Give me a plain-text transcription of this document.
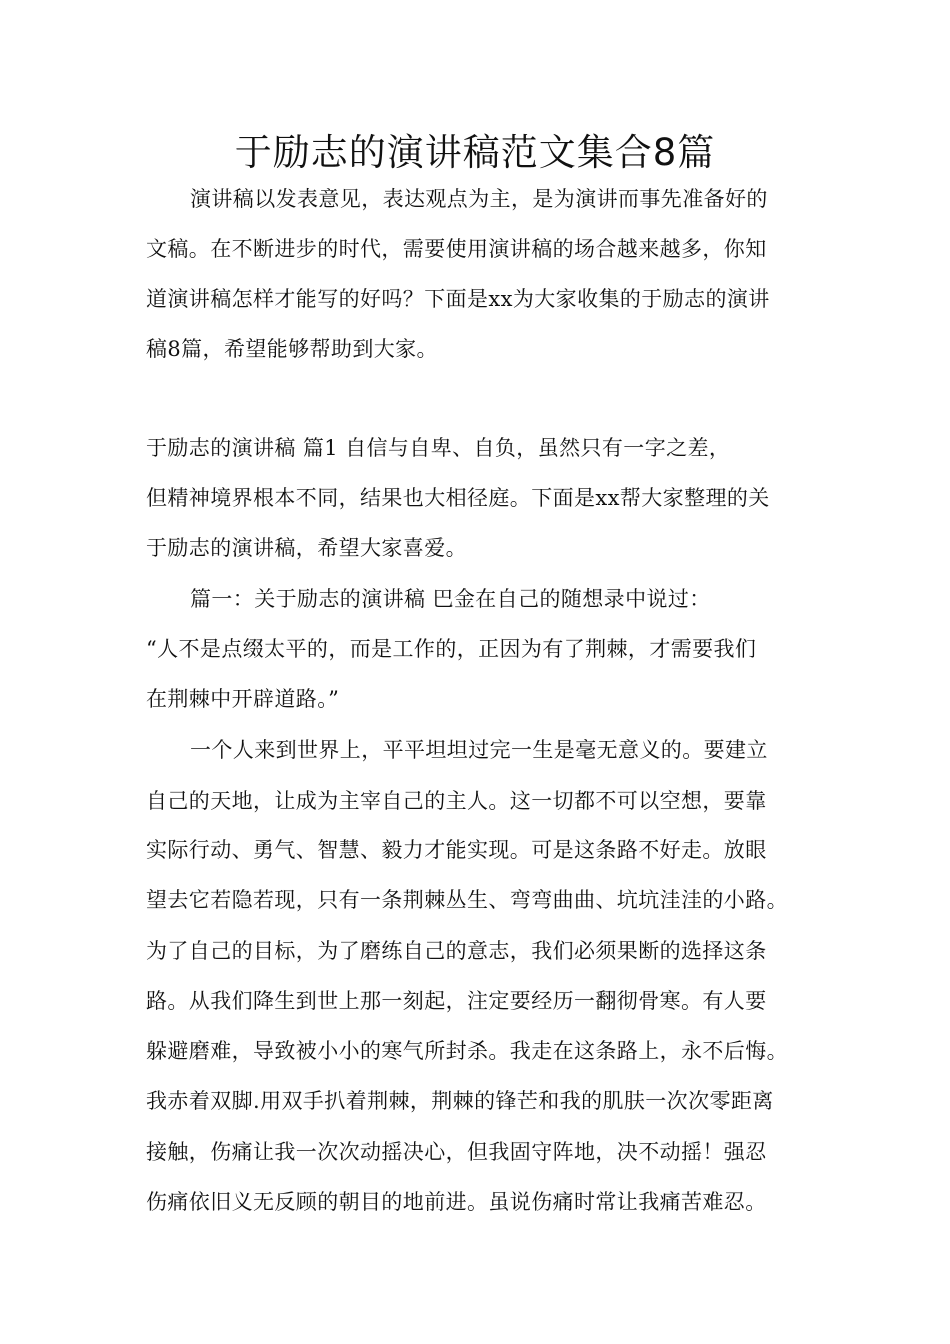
于励志的演讲稿范文集合8篇
演讲稿以发表意见，表达观点为主，是为演讲而事先准备好的
文稿。在不断进步的时代，需要使用演讲稿的场合越来越多，你知
道演讲稿怎样才能写的好吗？下面是xx为大家收集的于励志的演讲
稿8篇，希望能够帮助到大家。
于励志的演讲稿 篇1 自信与自卑、自负，虽然只有一字之差，
但精神境界根本不同，结果也大相径庭。下面是xx帮大家整理的关
于励志的演讲稿，希望大家喜爱。
篇一：关于励志的演讲稿 巴金在自己的随想录中说过：
“人不是点缀太平的，而是工作的，正因为有了荆棘，才需要我们
在荆棘中开辟道路。”
一个人来到世界上，平平坦坦过完一生是毫无意义的。要建立
自己的天地，让成为主宰自己的主人。这一切都不可以空想，要靠
实际行动、勇气、智慧、毅力才能实现。可是这条路不好走。放眼
望去它若隐若现，只有一条荆棘丛生、弯弯曲曲、坑坑洼洼的小路。
为了自己的目标，为了磨练自己的意志，我们必须果断的选择这条
路。从我们降生到世上那一刻起，注定要经历一翻彻骨寒。有人要
躲避磨难，导致被小小的寒气所封杀。我走在这条路上，永不后悔。
我赤着双脚.用双手扒着荆棘，荆棘的锋芒和我的肌肤一次次零距离
接触，伤痛让我一次次动摇决心，但我固守阵地，决不动摇！强忍
伤痛依旧义无反顾的朝目的地前进。虽说伤痛时常让我痛苦难忍。
